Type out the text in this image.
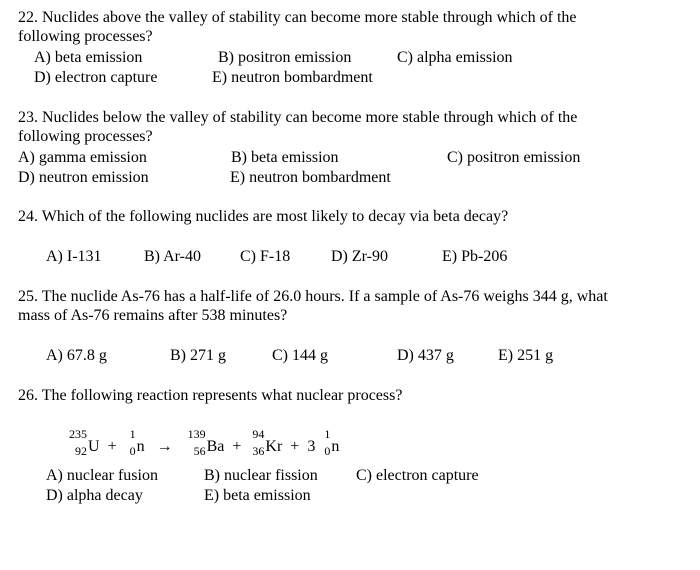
22. Nuclides above the valley of stability can become more stable through which of the
following processes?
A) beta emission	B) positron emission	C) alpha emission
D) electron capture	E) neutron bombardment
23. Nuclides below the valley of stability can become more stable through which of the
following processes?
A) gamma emission	B) beta emission	C) positron emission
D) neutron emission	E) neutron bombardment
24. Which of the following nuclides are most likely to decay via beta decay?
A) I-131	B) Ar-40 C) F-18	D) Zr-90	E) Pb-206
25. The nuclide As-76 has a half-life of 26.0 hours. If a sample of As-76 weighs 344 g, what
mass of As-76 remains after 538 minutes?
A) 67.8 g	B) 271 g	C) 144 g	D) 437 g	E) 251 g
26. The following reaction represents what nuclear process?
235
92 U +
1
0 n →
139
56 Ba +
94
36 Kr + 3
1
0 n
A) nuclear fusion	B) nuclear fission C) electron capture
D) alpha decay	E) beta emission
